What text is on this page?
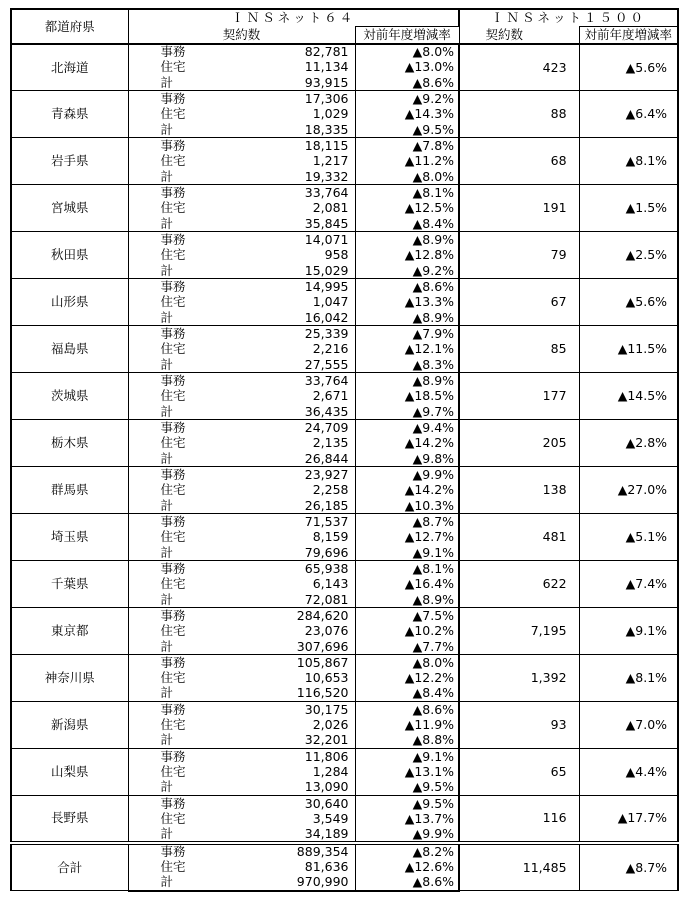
都道府県	ＩＮＳネット６４			ＩＮＳネット１５００	
	契約数		対前年度増減率	契約数	対前年度増減率
北海道	事務	82,781	▲8.0%	423	▲5.6%
	住宅	11,134	▲13.0%		
	計	93,915	▲8.6%		
青森県	事務	17,306	▲9.2%	88	▲6.4%
	住宅	1,029	▲14.3%		
	計	18,335	▲9.5%		
岩手県	事務	18,115	▲7.8%	68	▲8.1%
	住宅	1,217	▲11.2%		
	計	19,332	▲8.0%		
宮城県	事務	33,764	▲8.1%	191	▲1.5%
	住宅	2,081	▲12.5%		
	計	35,845	▲8.4%		
秋田県	事務	14,071	▲8.9%	79	▲2.5%
	住宅	958	▲12.8%		
	計	15,029	▲9.2%		
山形県	事務	14,995	▲8.6%	67	▲5.6%
	住宅	1,047	▲13.3%		
	計	16,042	▲8.9%		
福島県	事務	25,339	▲7.9%	85	▲11.5%
	住宅	2,216	▲12.1%		
	計	27,555	▲8.3%		
茨城県	事務	33,764	▲8.9%	177	▲14.5%
	住宅	2,671	▲18.5%		
	計	36,435	▲9.7%		
栃木県	事務	24,709	▲9.4%	205	▲2.8%
	住宅	2,135	▲14.2%		
	計	26,844	▲9.8%		
群馬県	事務	23,927	▲9.9%	138	▲27.0%
	住宅	2,258	▲14.2%		
	計	26,185	▲10.3%		
埼玉県	事務	71,537	▲8.7%	481	▲5.1%
	住宅	8,159	▲12.7%		
	計	79,696	▲9.1%		
千葉県	事務	65,938	▲8.1%	622	▲7.4%
	住宅	6,143	▲16.4%		
	計	72,081	▲8.9%		
東京都	事務	284,620	▲7.5%	7,195	▲9.1%
	住宅	23,076	▲10.2%		
	計	307,696	▲7.7%		
神奈川県	事務	105,867	▲8.0%	1,392	▲8.1%
	住宅	10,653	▲12.2%		
	計	116,520	▲8.4%		
新潟県	事務	30,175	▲8.6%	93	▲7.0%
	住宅	2,026	▲11.9%		
	計	32,201	▲8.8%		
山梨県	事務	11,806	▲9.1%	65	▲4.4%
	住宅	1,284	▲13.1%		
	計	13,090	▲9.5%		
長野県	事務	30,640	▲9.5%	116	▲17.7%
	住宅	3,549	▲13.7%		
	計	34,189	▲9.9%		
合計	事務	889,354	▲8.2%	11,485	▲8.7%
	住宅	81,636	▲12.6%		
	計	970,990	▲8.6%		
